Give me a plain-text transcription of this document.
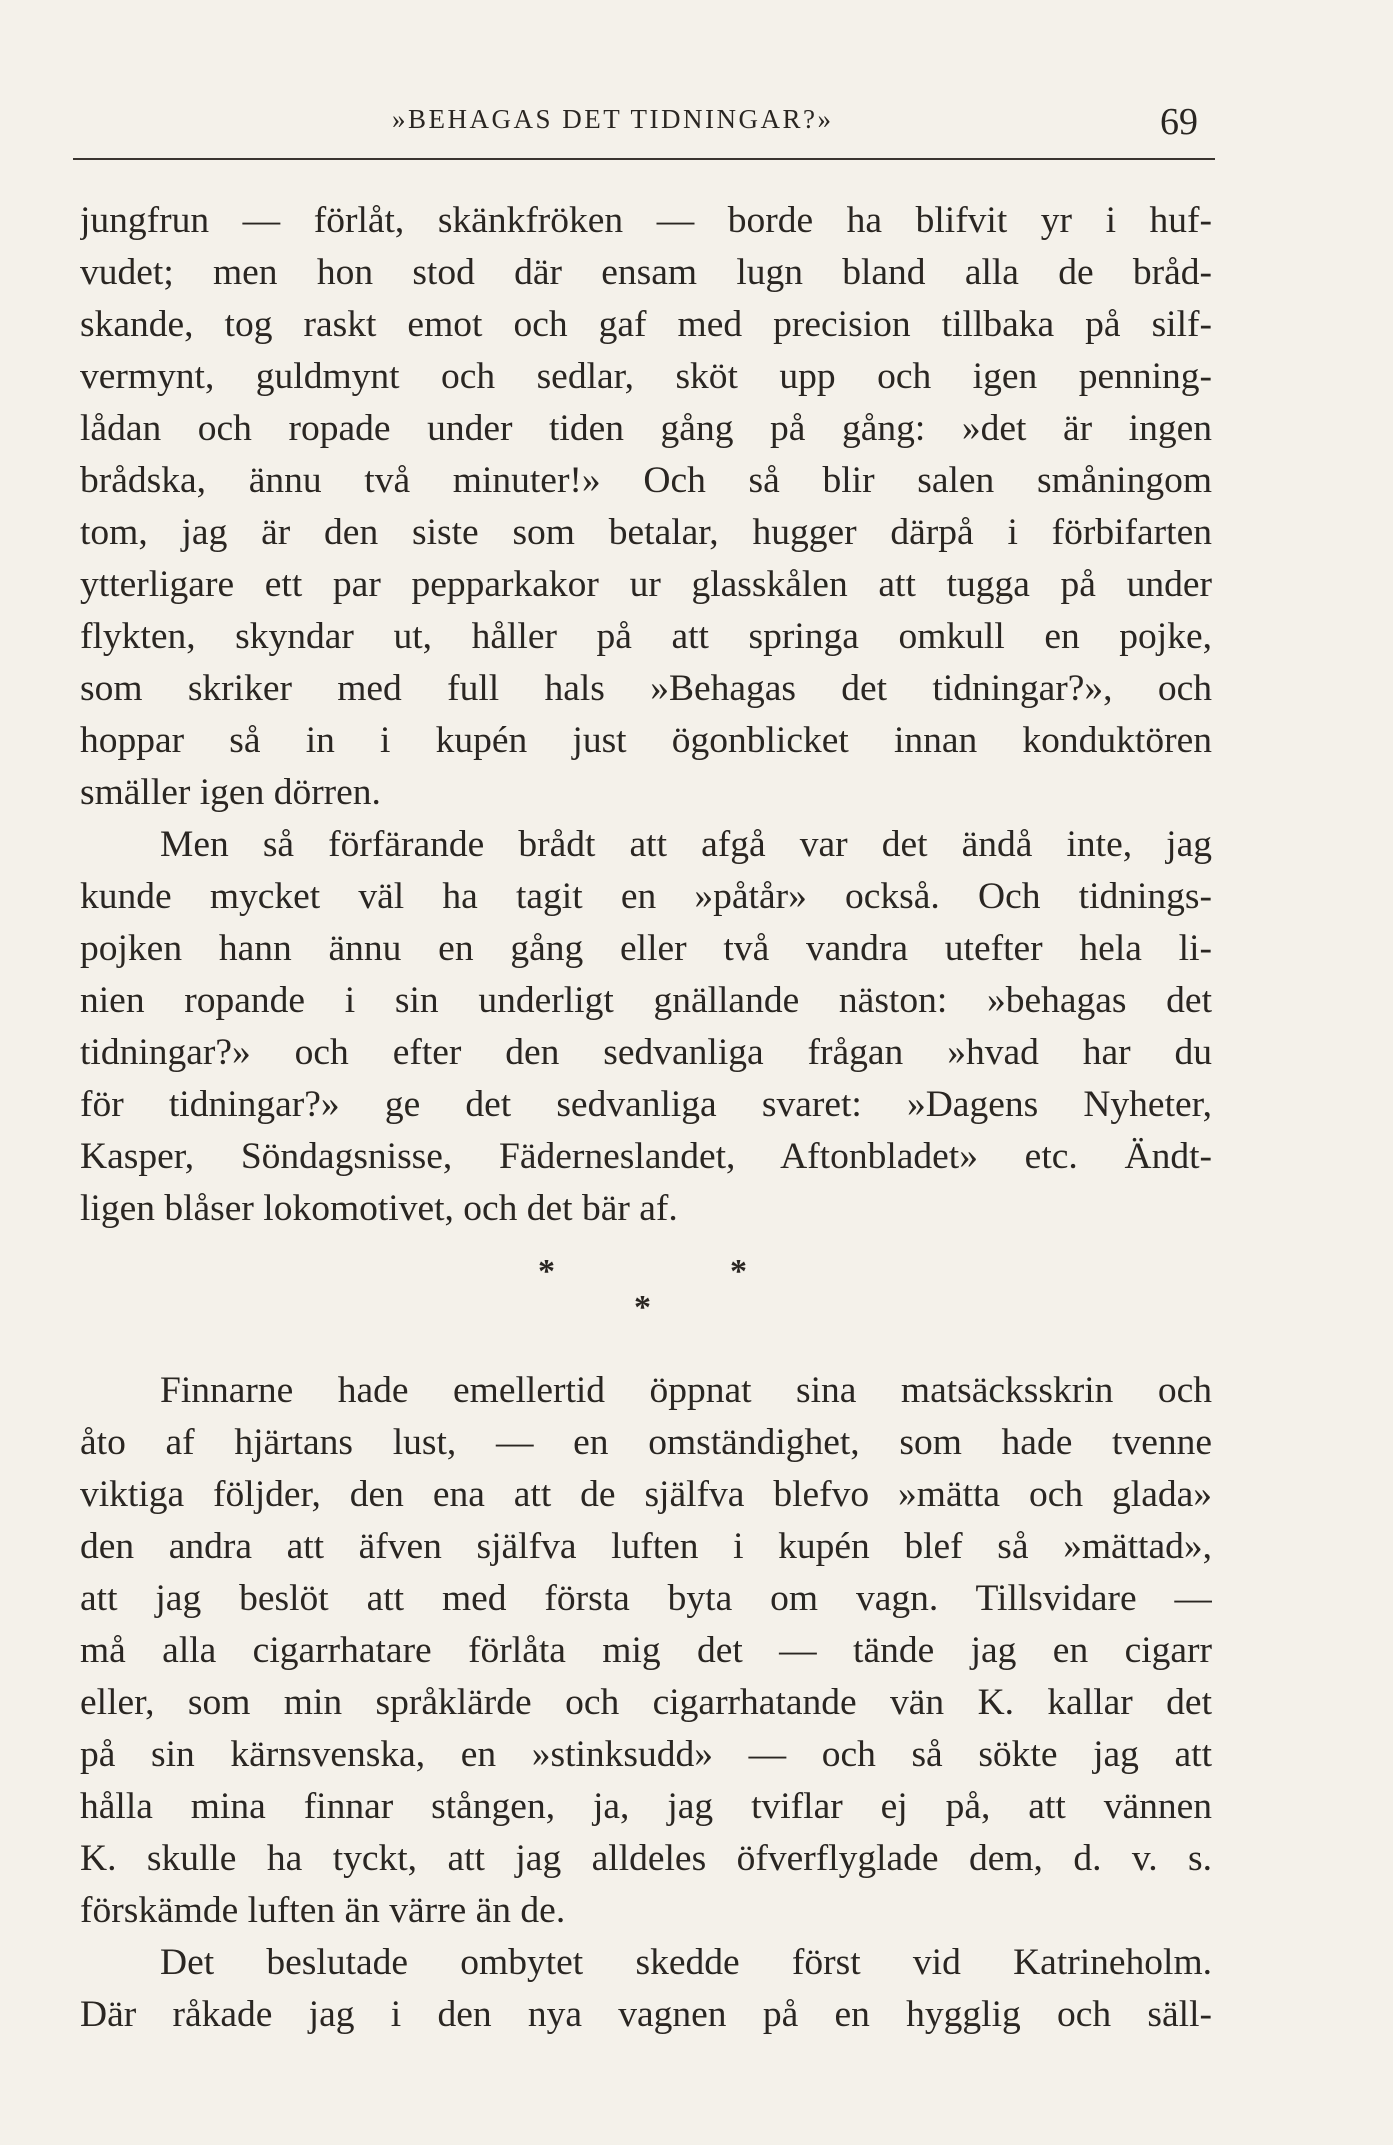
»BEHAGAS DET TIDNINGAR?»	69
jungfrun — förlåt, skänkfröken — borde ha blifvit yr i huf-
vudet; men hon stod där ensam lugn bland alla de bråd-
skande, tog raskt emot och gaf med precision tillbaka på silf-
vermynt, guldmynt och sedlar, sköt upp och igen penning-
lådan och ropade under tiden gång på gång: »det är ingen
brådska, ännu två minuter!» Och så blir salen småningom
tom, jag är den siste som betalar, hugger därpå i förbifarten
ytterligare ett par pepparkakor ur glasskålen att tugga på under
flykten, skyndar ut, håller på att springa omkull en pojke,
som skriker med full hals »Behagas det tidningar?», och
hoppar så in i kupén just ögonblicket innan konduktören
smäller igen dörren.
Men så förfärande brådt att afgå var det ändå inte, jag
kunde mycket väl ha tagit en »påtår» också. Och tidnings-
pojken hann ännu en gång eller två vandra utefter hela li-
nien ropande i sin underligt gnällande näston: »behagas det
tidningar?» och efter den sedvanliga frågan »hvad har du
för tidningar?» ge det sedvanliga svaret: »Dagens Nyheter,
Kasper, Söndagsnisse, Fäderneslandet, Aftonbladet» etc. Ändt-
ligen blåser lokomotivet, och det bär af.
*	*
*
Finnarne hade emellertid öppnat sina matsäcksskrin och
åto af hjärtans lust, — en omständighet, som hade tvenne
viktiga följder, den ena att de själfva blefvo »mätta och glada»
den andra att äfven själfva luften i kupén blef så »mättad»,
att jag beslöt att med första byta om vagn. Tillsvidare —
må alla cigarrhatare förlåta mig det — tände jag en cigarr
eller, som min språklärde och cigarrhatande vän K. kallar det
på sin kärnsvenska, en »stinksudd» — och så sökte jag att
hålla mina finnar stången, ja, jag tviflar ej på, att vännen
K. skulle ha tyckt, att jag alldeles öfverflyglade dem, d. v. s.
förskämde luften än värre än de.
Det beslutade ombytet skedde först vid Katrineholm.
Där råkade jag i den nya vagnen på en hygglig och säll-
